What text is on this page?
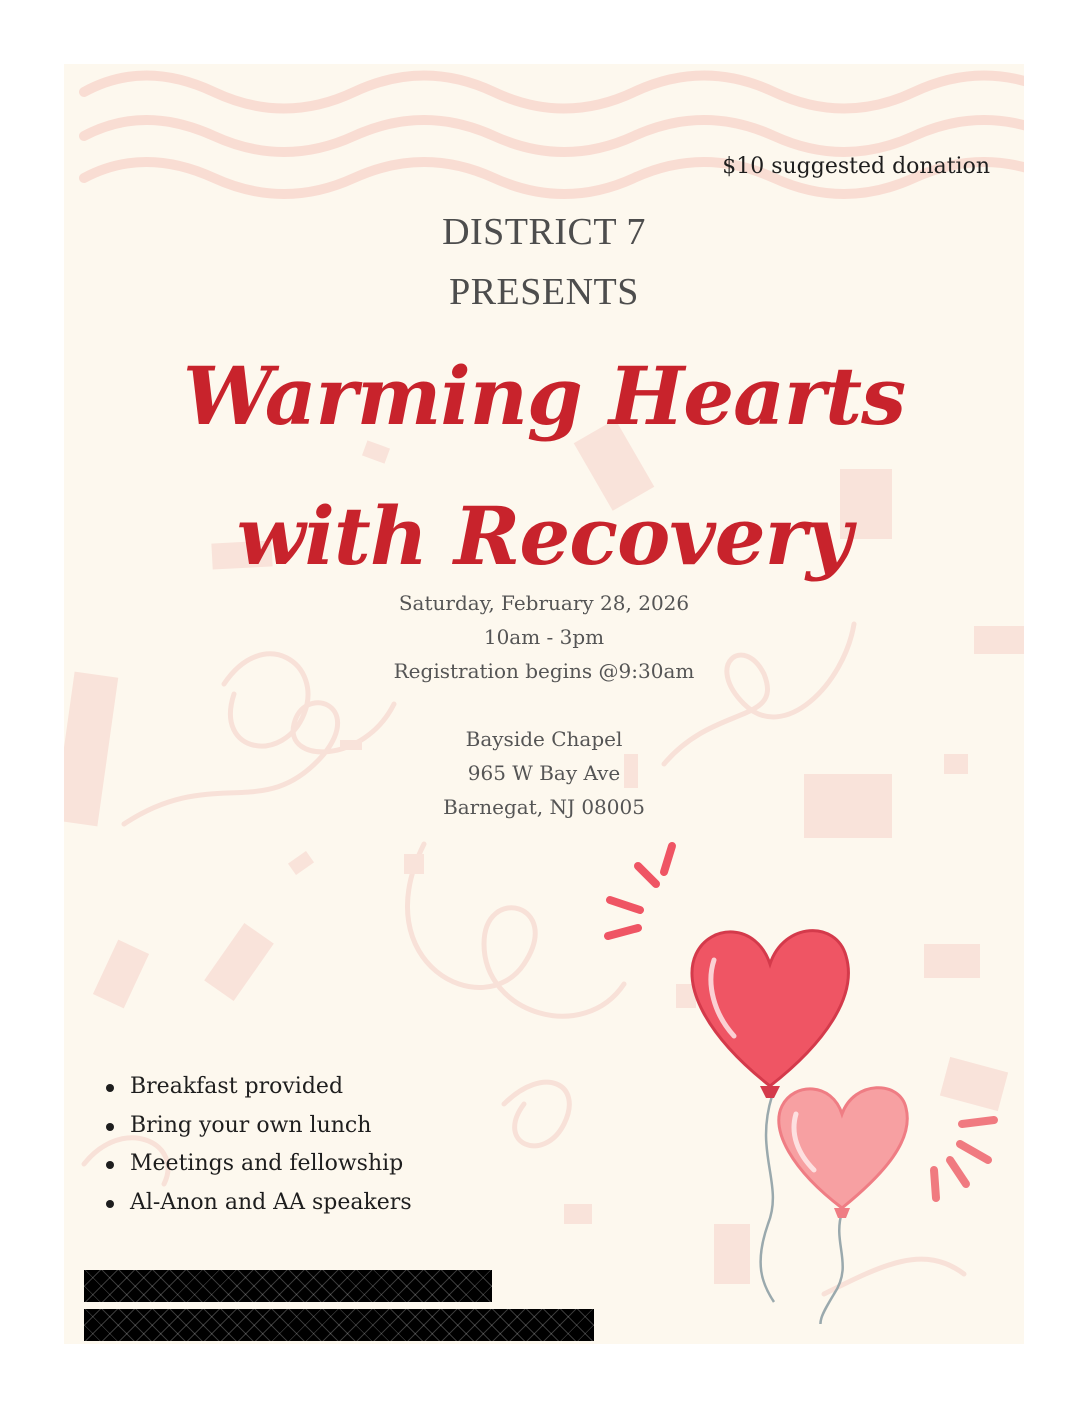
$10 suggested donation
DISTRICT 7
PRESENTS
Warming Hearts
with Recovery
Saturday, February 28, 2026
10am - 3pm
Registration begins @9:30am
Bayside Chapel
965 W Bay Ave
Barnegat, NJ 08005
Breakfast provided
Bring your own lunch
Meetings and fellowship
Al-Anon and AA speakers
